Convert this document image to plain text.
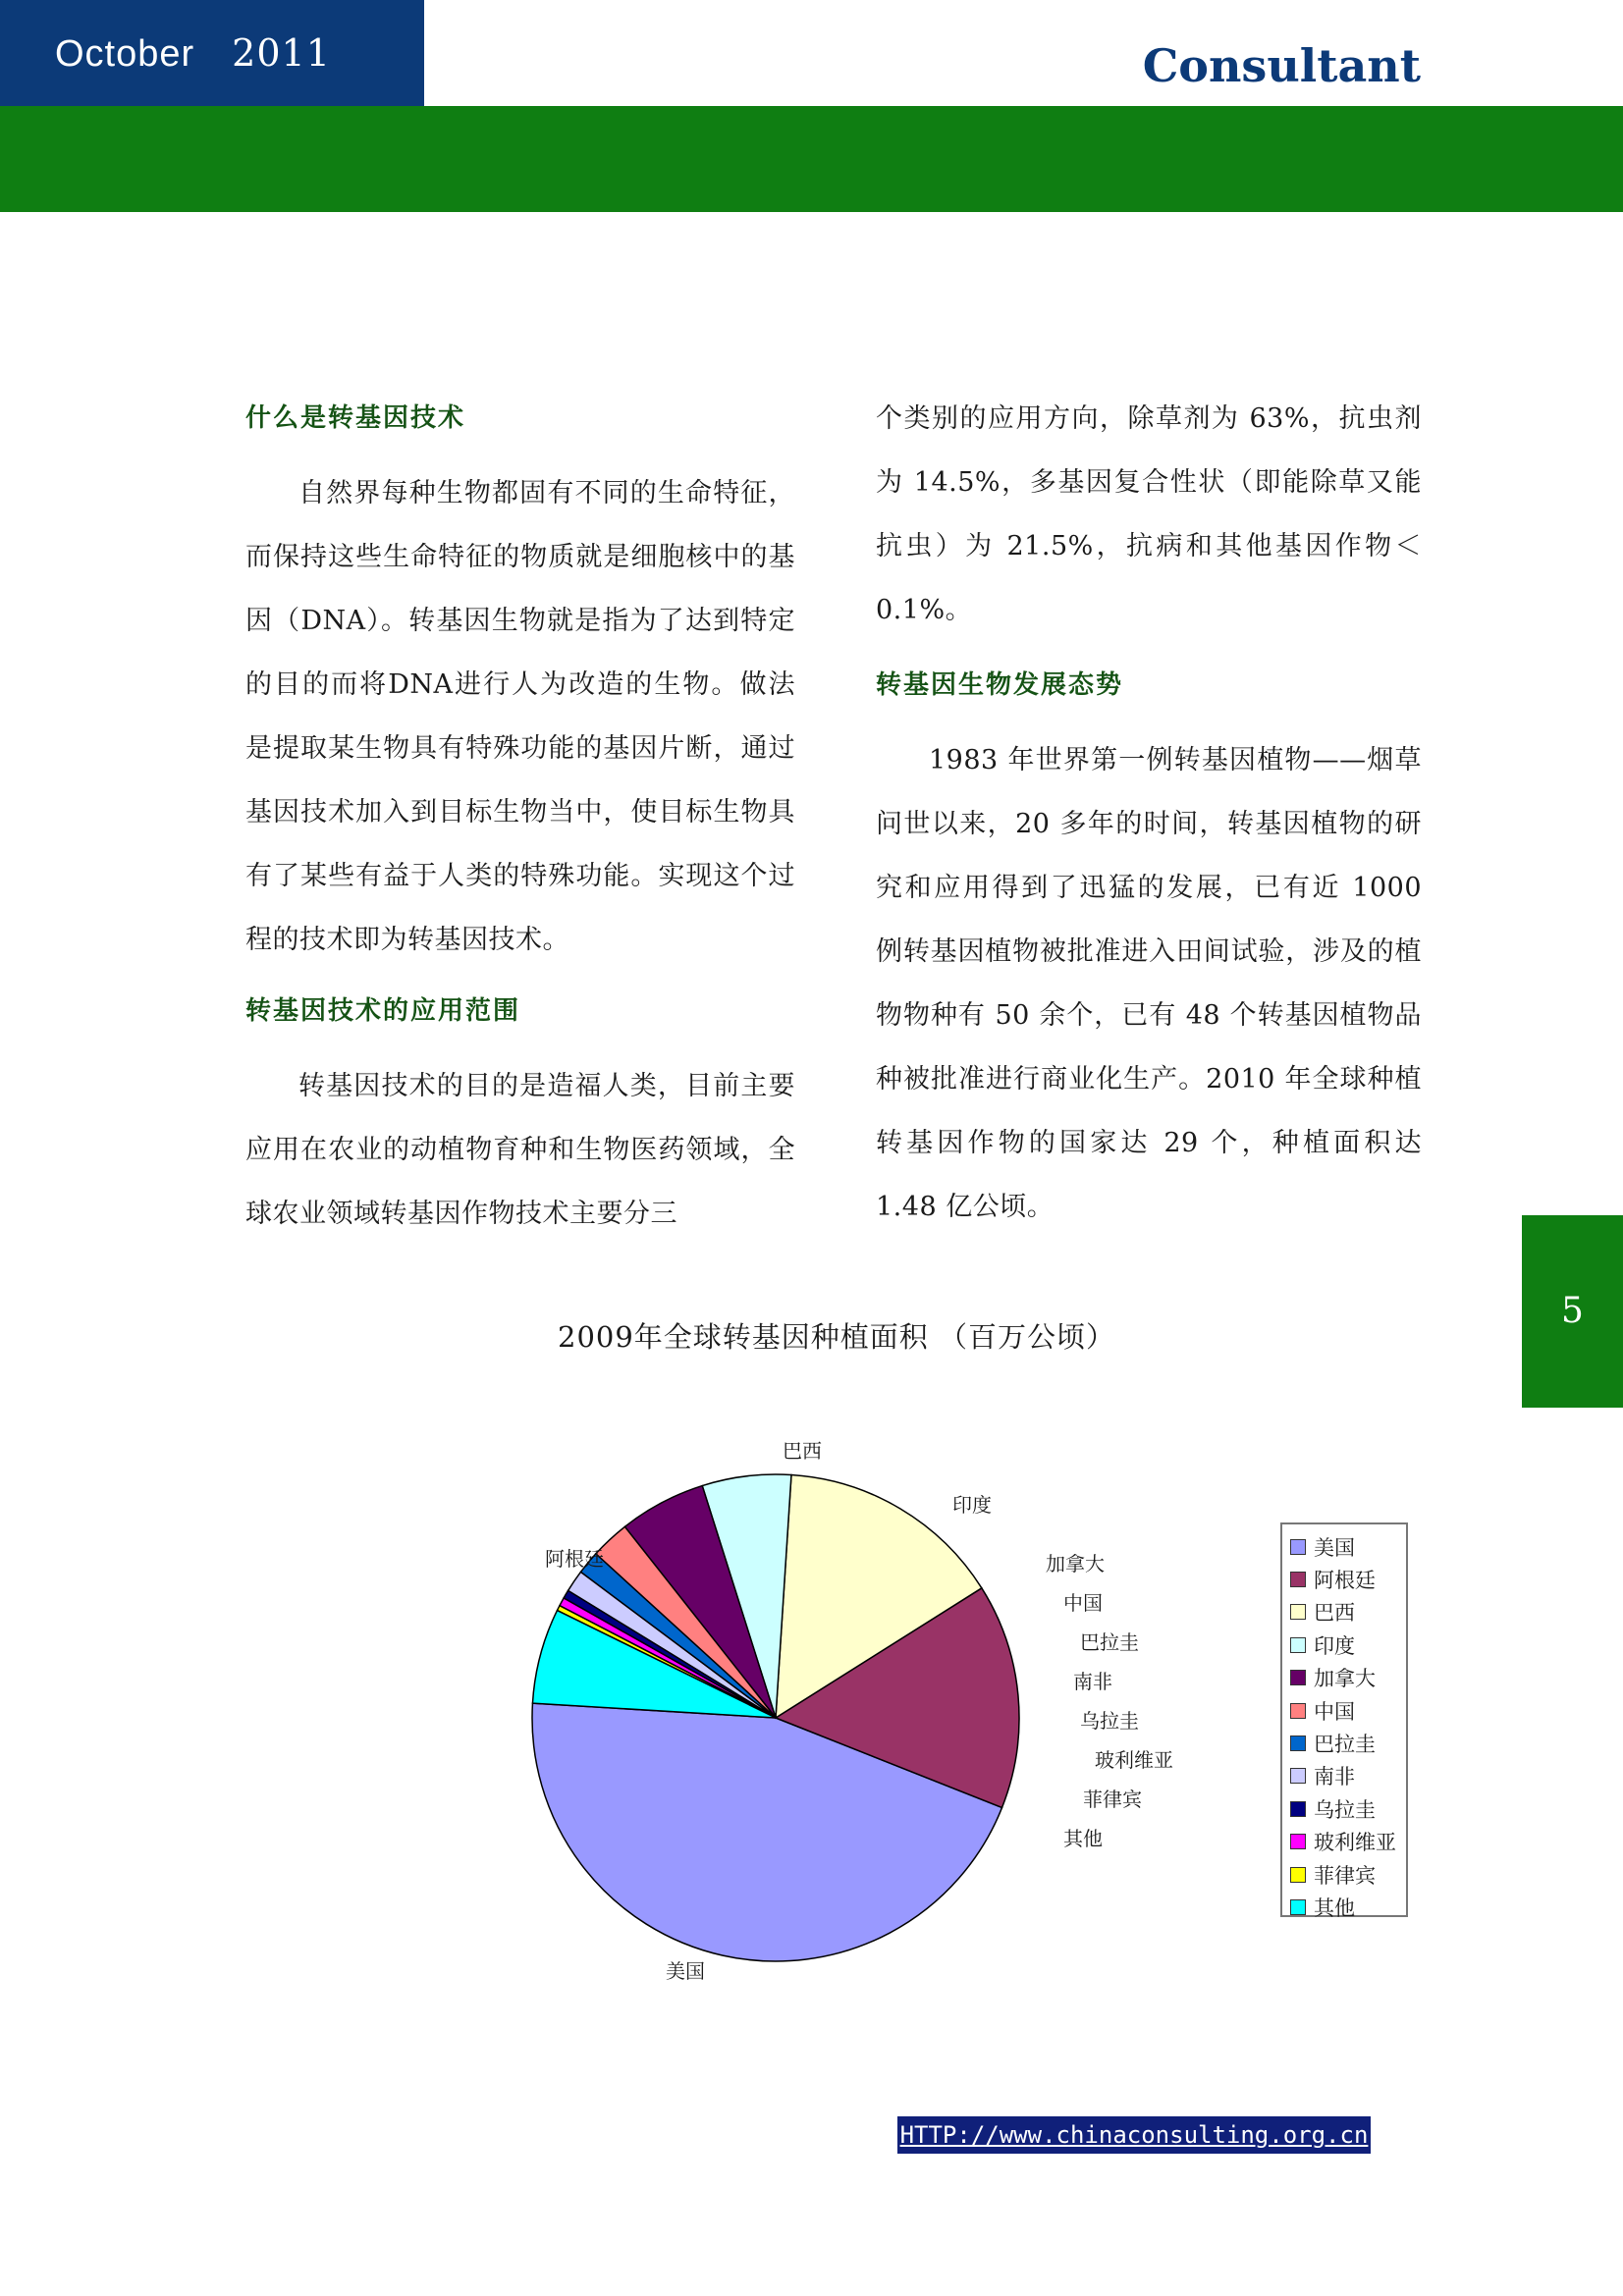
October 2011	Consultant

什么是转基因技术

自然界每种生物都固有不同的生命特征，而保持这些生命特征的物质就是细胞核中的基因（DNA）。转基因生物就是指为了达到特定的目的而将DNA进行人为改造的生物。做法是提取某生物具有特殊功能的基因片断，通过基因技术加入到目标生物当中，使目标生物具有了某些有益于人类的特殊功能。实现这个过程的技术即为转基因技术。

转基因技术的应用范围

转基因技术的目的是造福人类，目前主要应用在农业的动植物育种和生物医药领域，全球农业领域转基因作物技术主要分三

个类别的应用方向，除草剂为 63%，抗虫剂为 14.5%，多基因复合性状（即能除草又能抗虫）为 21.5%，抗病和其他基因作物＜0.1%。

转基因生物发展态势

1983 年世界第一例转基因植物——烟草问世以来，20 多年的时间，转基因植物的研究和应用得到了迅猛的发展，已有近 1000 例转基因植物被批准进入田间试验，涉及的植物物种有 50 余个，已有 48 个转基因植物品种被批准进行商业化生产。2010 年全球种植转基因作物的国家达 29 个，种植面积达 1.48 亿公顷。

5
2009年全球转基因种植面积 （百万公顷）
美国
阿根廷
巴西
印度
加拿大
中国
巴拉圭
南非
乌拉圭
玻利维亚
菲律宾
其他
美国
阿根廷
巴西
印度
加拿大
中国
巴拉圭
南非
乌拉圭
玻利维亚
菲律宾
其他
HTTP://www.chinaconsulting.org.cn
